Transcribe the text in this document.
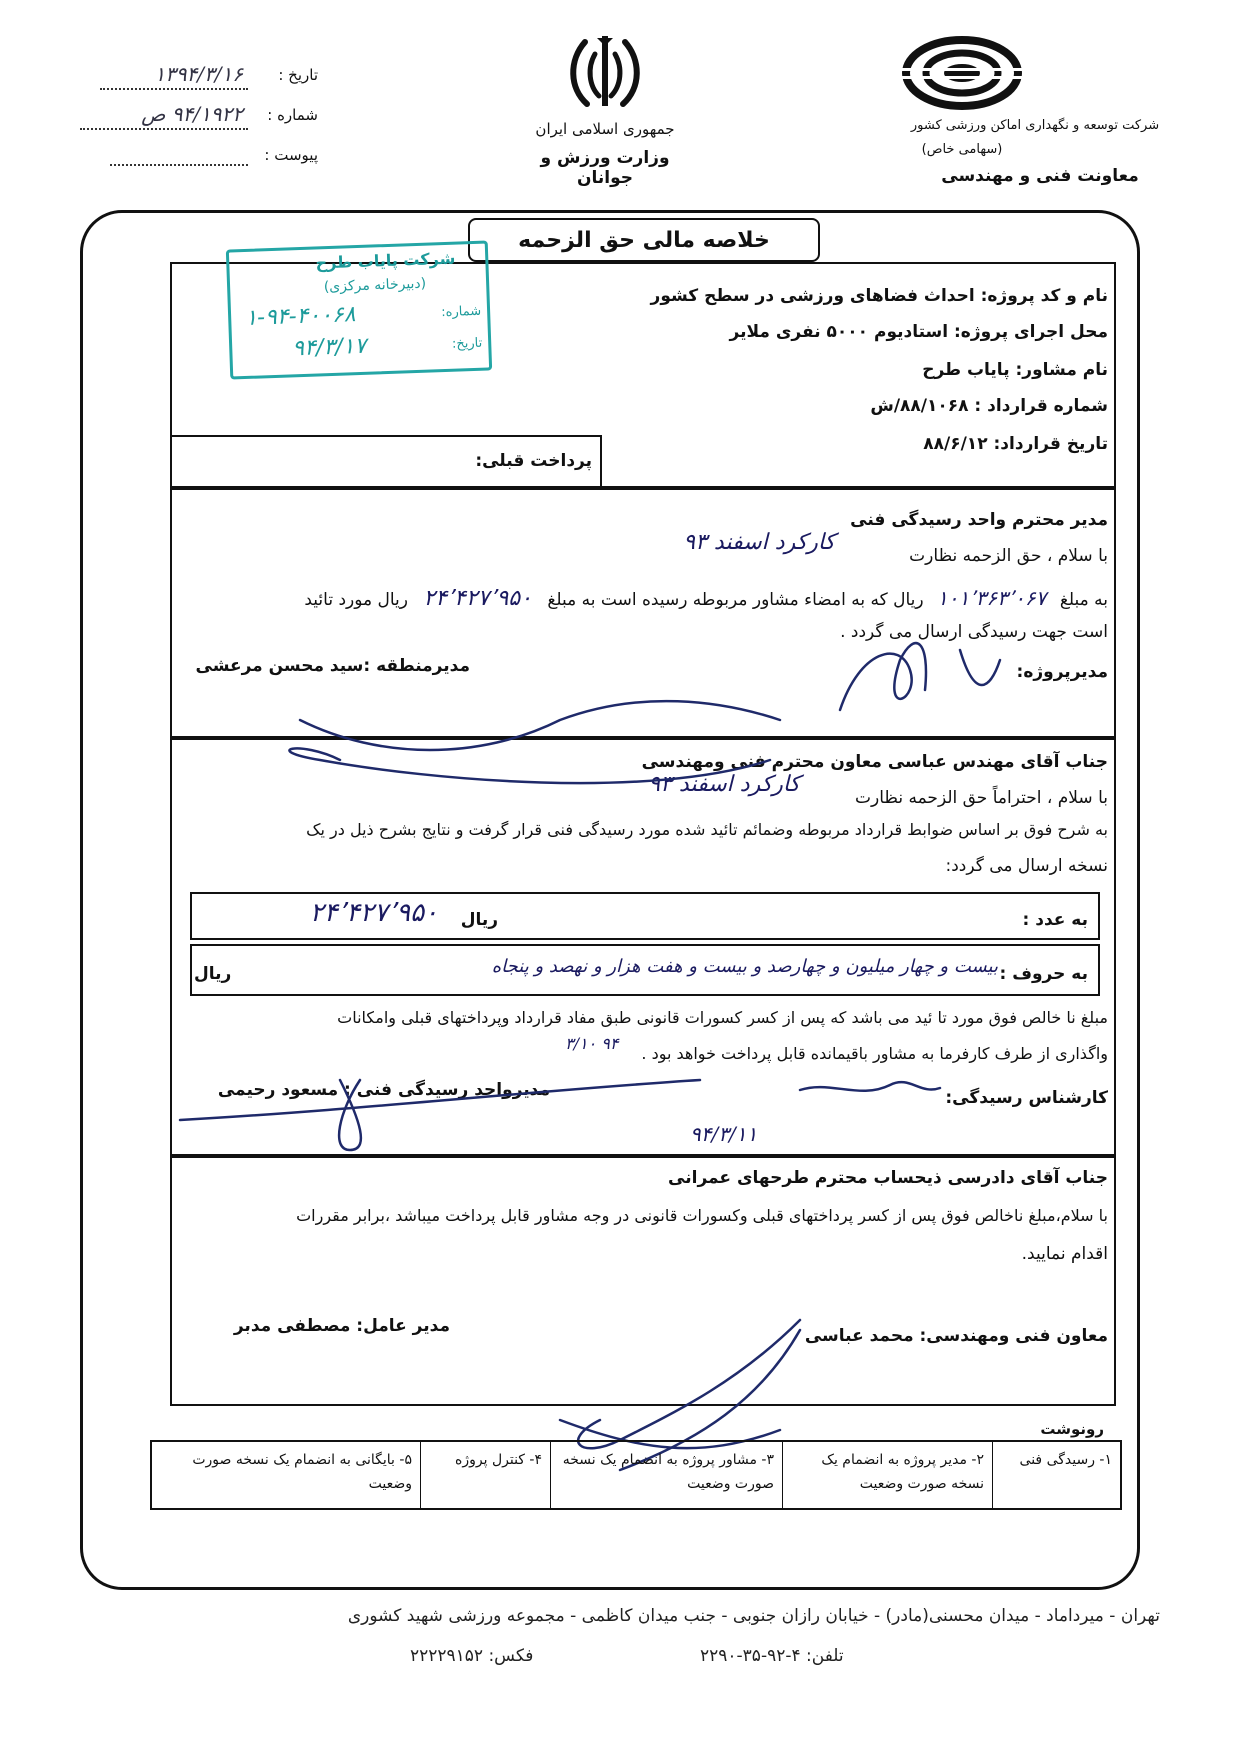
تاریخ :
۱۳۹۴/۳/۱۶
شماره :
۹۴/۱۹۲۲ ص
پیوست :
جمهوری اسلامی ایران
وزارت ورزش و جوانان
شرکت توسعه و نگهداری اماکن ورزشی کشور
(سهامی خاص)
معاونت فنی و مهندسی
خلاصه مالی حق الزحمه
شرکت پایاب طرح
(دبیرخانه مرکزی)
شماره:
۱-۹۴-۴۰۰۶۸
تاریخ:
۹۴/۳/۱۷
نام و کد پروژه: احداث فضاهای ورزشی در سطح کشور
محل اجرای پروژه: استادیوم ۵۰۰۰ نفری ملایر
نام مشاور: پایاب طرح
شماره قرارداد : ۸۸/۱۰۶۸/ش
تاریخ قرارداد: ۸۸/۶/۱۲
پرداخت قبلی:
مدیر محترم واحد رسیدگی فنی
با سلام ، حق الزحمه نظارت
کارکرد اسفند ۹۳
به مبلغ ۱۰۱٬۳۶۳٬۰۶۷ ریال که به امضاء مشاور مربوطه رسیده است به مبلغ ۲۴٬۴۲۷٬۹۵۰ ریال مورد تائید
است جهت رسیدگی ارسال می گردد .
مدیرپروژه:
مدیرمنطقه :سید محسن مرعشی
جناب آقای مهندس عباسی معاون محترم فنی ومهندسی
با سلام ، احتراماً حق الزحمه نظارت
کارکرد اسفند ۹۳
به شرح فوق بر اساس ضوابط قرارداد مربوطه وضمائم تائید شده مورد رسیدگی فنی قرار گرفت و نتایج بشرح ذیل در یک
نسخه ارسال می گردد:
به عدد :
ریال
۲۴٬۴۲۷٬۹۵۰
به حروف :
بیست و چهار میلیون و چهارصد و بیست و هفت هزار و نهصد و پنجاه
ریال
مبلغ نا خالص فوق مورد تا ئید می باشد که پس از کسر کسورات قانونی طبق مفاد قرارداد وپرداختهای قبلی وامکانات
واگذاری از طرف کارفرما به مشاور باقیمانده قابل پرداخت خواهد بود .
۳/۱۰ ۹۴
کارشناس رسیدگی:
مدیرواحد رسیدگی فنی : مسعود رحیمی
۹۴/۳/۱۱
جناب آقای دادرسی ذیحساب محترم طرحهای عمرانی
با سلام،مبلغ ناخالص فوق پس از کسر پرداختهای قبلی وکسورات قانونی در وجه مشاور قابل پرداخت میباشد ،برابر مقررات
اقدام نمایید.
معاون فنی ومهندسی: محمد عباسی
مدیر عامل: مصطفی مدبر
رونوشت
۱- رسیدگی فنی
۲- مدیر پروژه به انضمام یک نسخه صورت وضعیت
۳- مشاور پروژه به انضمام یک نسخه صورت وضعیت
۴- کنترل پروژه
۵- بایگانی به انضمام یک نسخه صورت وضعیت
تهران - میرداماد - میدان محسنی(مادر) - خیابان رازان جنوبی - جنب میدان کاظمی - مجموعه ورزشی شهید کشوری
تلفن: ۴-۹۲-۳۵-۲۲۹۰
فکس: ۲۲۲۲۹۱۵۲
